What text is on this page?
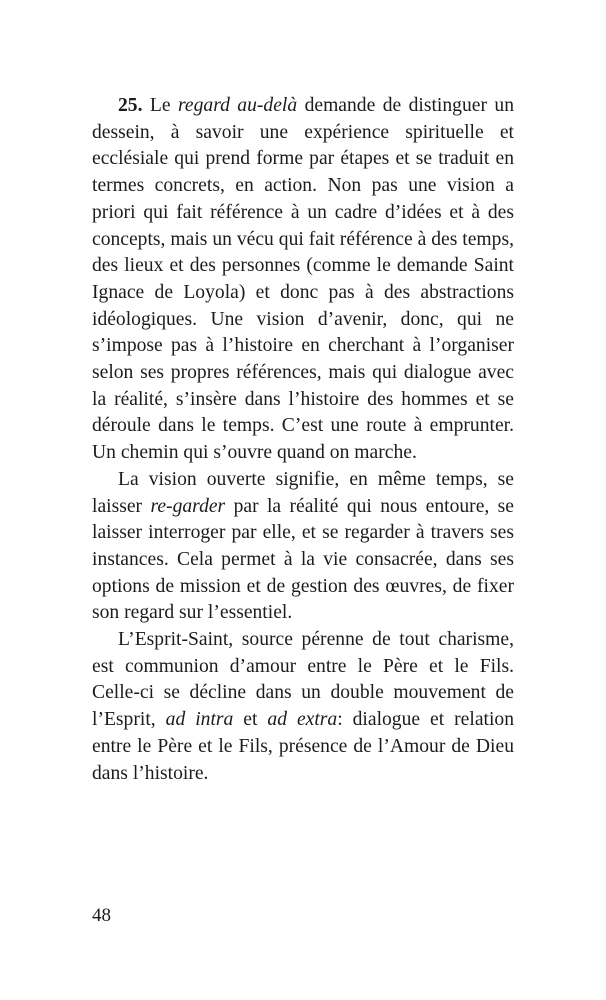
25. Le regard au-delà demande de distinguer un dessein, à savoir une expérience spirituelle et ecclésiale qui prend forme par étapes et se traduit en termes concrets, en action. Non pas une vision a priori qui fait référence à un cadre d’idées et à des concepts, mais un vécu qui fait référence à des temps, des lieux et des personnes (comme le demande Saint Ignace de Loyola) et donc pas à des abstractions idéologiques. Une vision d’avenir, donc, qui ne s’impose pas à l’histoire en cherchant à l’organiser selon ses propres références, mais qui dialogue avec la réalité, s’insère dans l’histoire des hommes et se déroule dans le temps. C’est une route à emprunter. Un chemin qui s’ouvre quand on marche.

La vision ouverte signifie, en même temps, se laisser re-garder par la réalité qui nous entoure, se laisser interroger par elle, et se regarder à travers ses instances. Cela permet à la vie consacrée, dans ses options de mission et de gestion des œuvres, de fixer son regard sur l’essentiel.

L’Esprit-Saint, source pérenne de tout charisme, est communion d’amour entre le Père et le Fils. Celle-ci se décline dans un double mouvement de l’Esprit, ad intra et ad extra: dialogue et relation entre le Père et le Fils, présence de l’Amour de Dieu dans l’histoire.

48
